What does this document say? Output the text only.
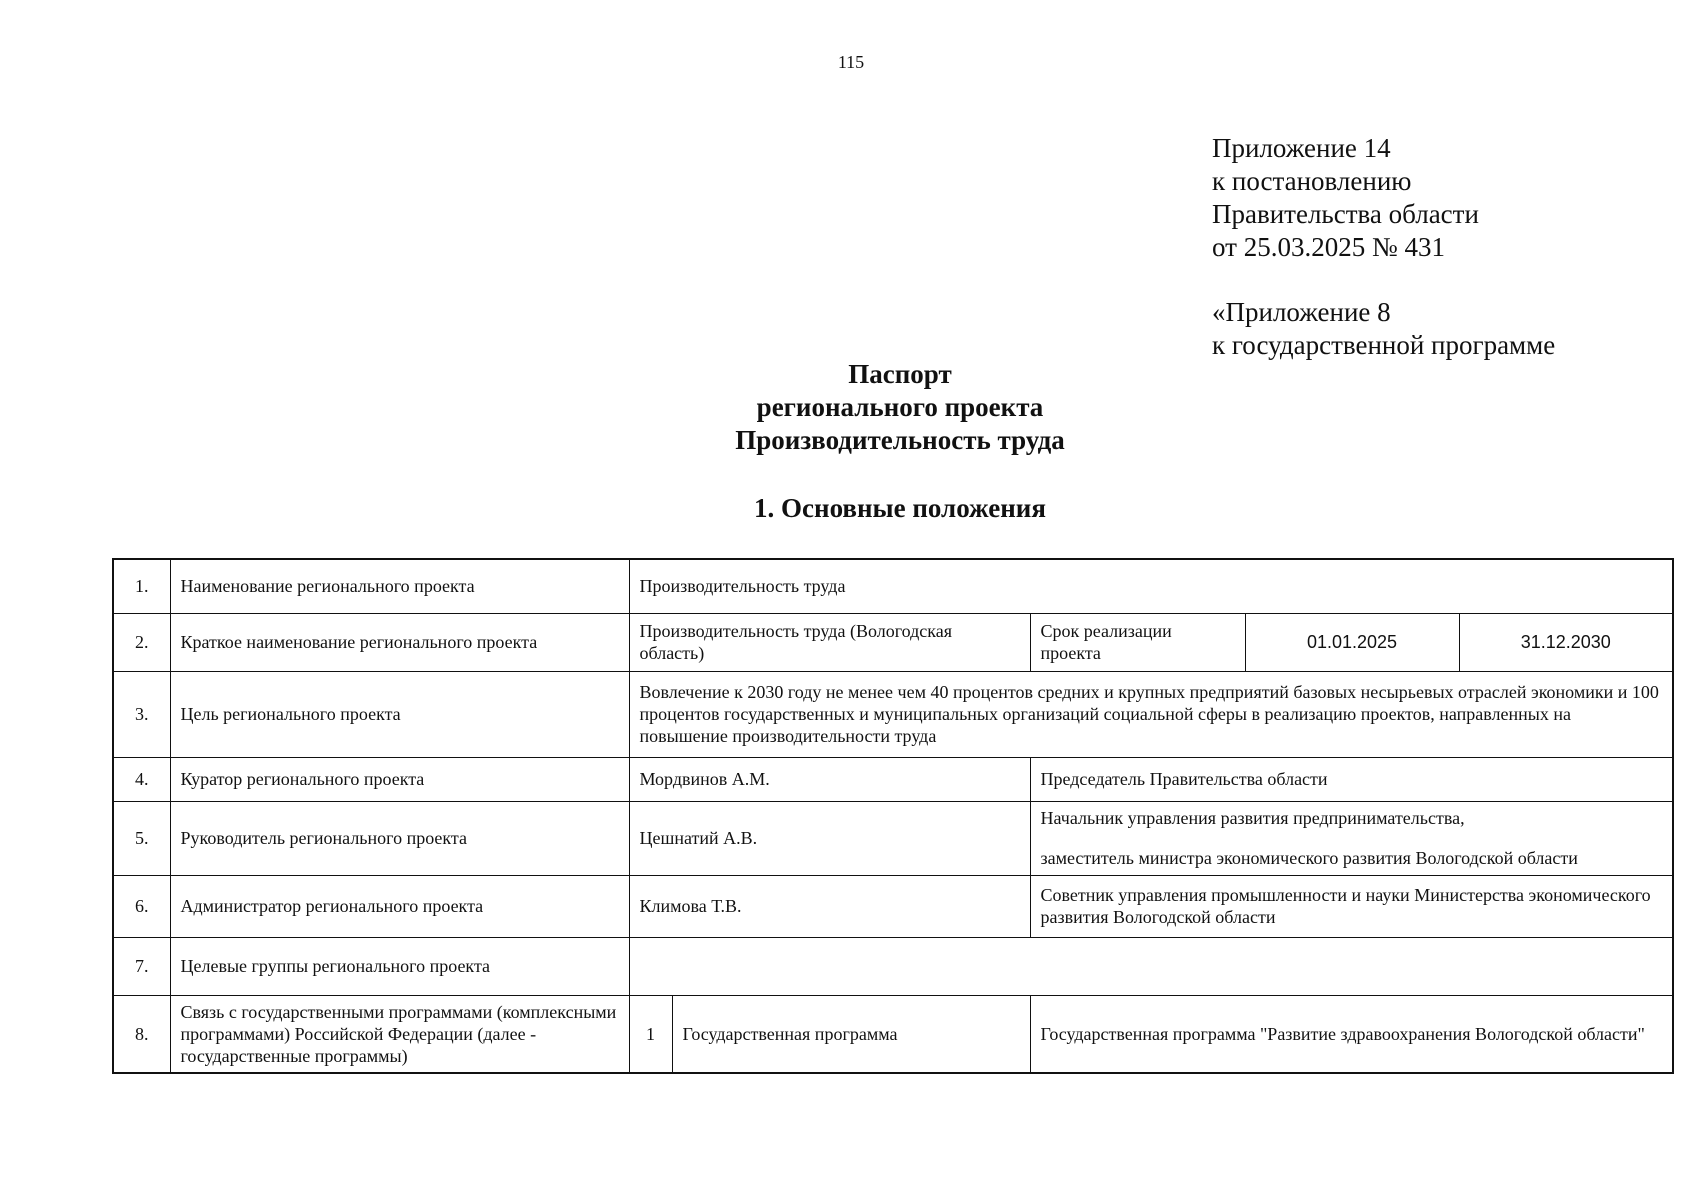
115
Приложение 14
к постановлению
Правительства области
от 25.03.2025 № 431
«Приложение 8
к государственной программе
Паспорт
регионального проекта
Производительность труда
1. Основные положения
1.	Наименование регионального проекта	Производительность труда				
2.	Краткое наименование регионального проекта	Производительность труда (Вологодская область)		Срок реализации проекта	01.01.2025	31.12.2030
3.	Цель регионального проекта	Вовлечение к 2030 году не менее чем 40 процентов средних и крупных предприятий базовых несырьевых отраслей экономики и 100 процентов государственных и муниципальных организаций социальной сферы в реализацию проектов, направленных на повышение производительности труда				
4.	Куратор регионального проекта	Мордвинов А.М.		Председатель Правительства области		
5.	Руководитель регионального проекта	Цешнатий А.В.		Начальник управления развития предпринимательства,

заместитель министра экономического развития Вологодской области		

6.	Администратор регионального проекта	Климова Т.В.		Советник управления промышленности и науки Министерства экономического развития Вологодской области		
7.	Целевые группы регионального проекта					
8.	Связь с государственными программами (комплексными программами) Российской Федерации (далее - государственные программы)	1	Государственная программа	Государственная программа "Развитие здравоохранения Вологодской области"		
